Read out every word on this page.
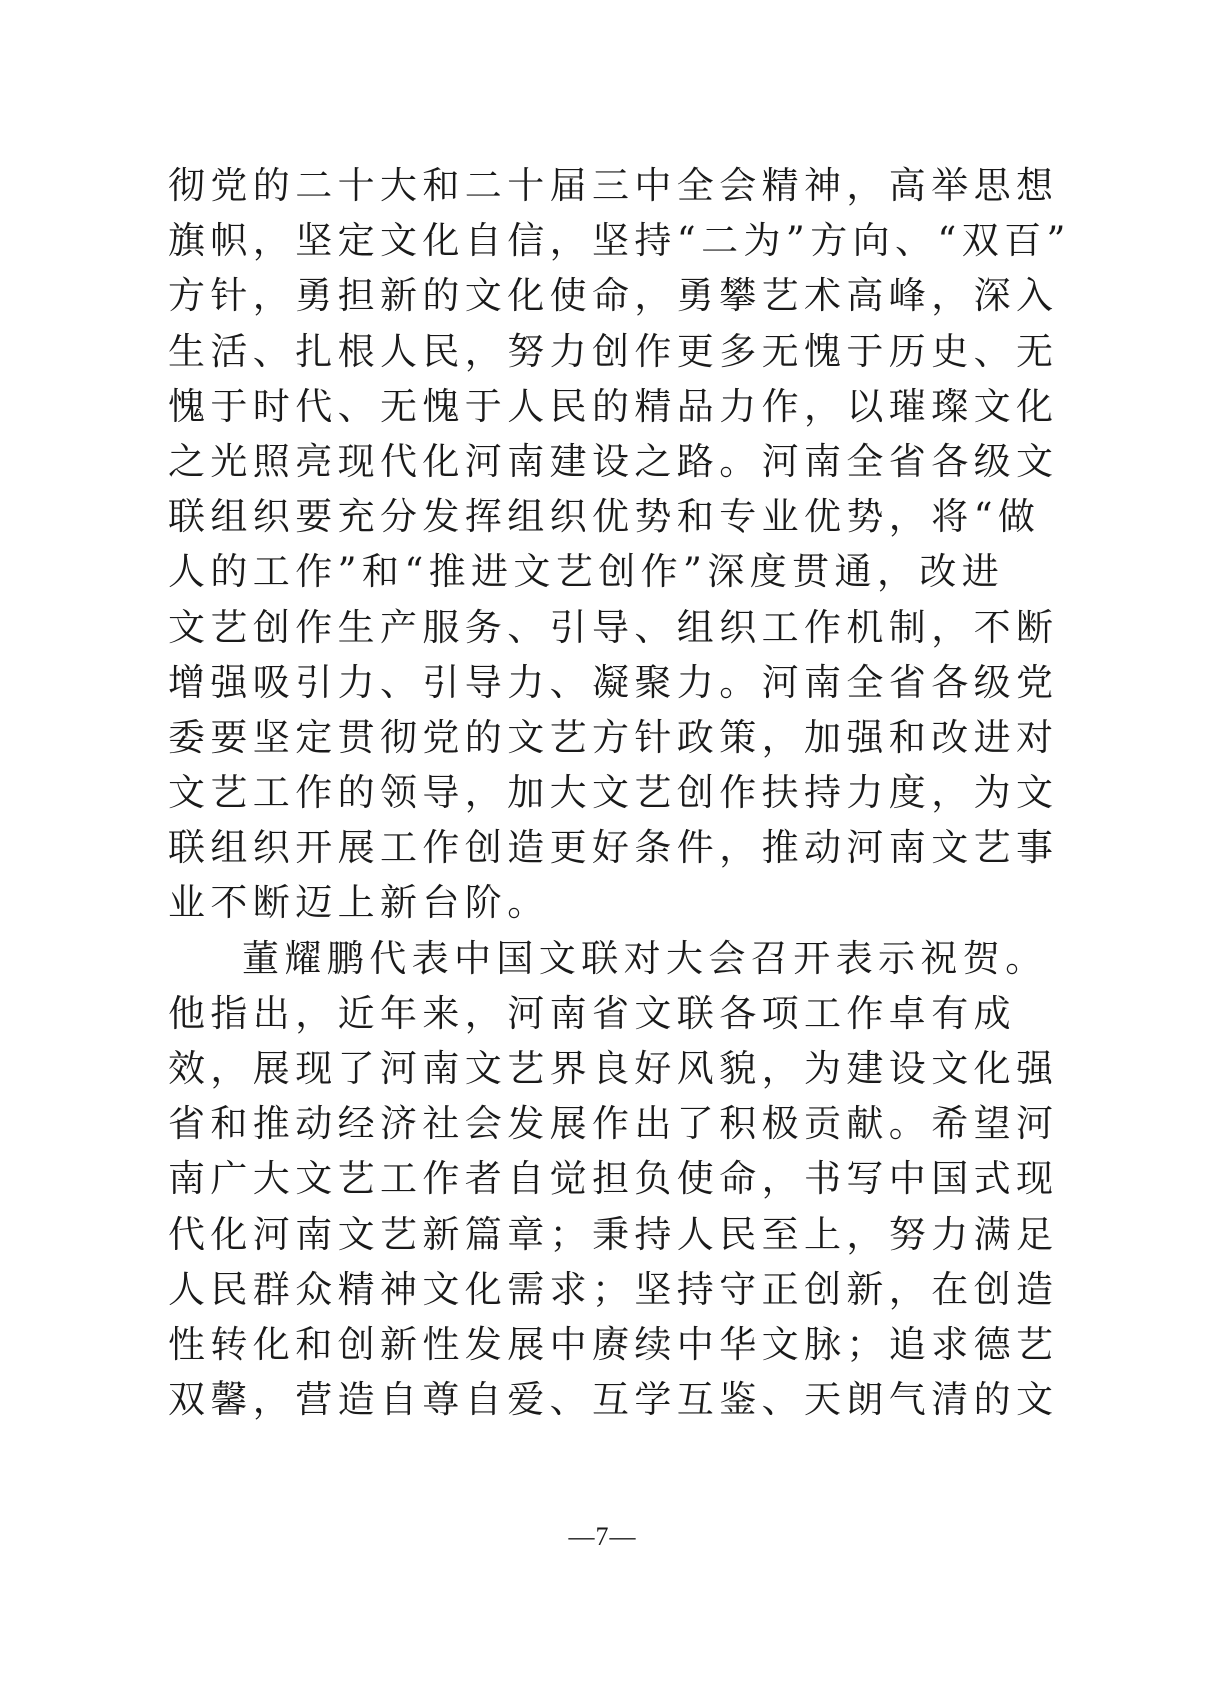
彻党的二十大和二十届三中全会精神，高举思想
旗帜，坚定文化自信，坚持“二为”方向、“双百”
方针，勇担新的文化使命，勇攀艺术高峰，深入
生活、扎根人民，努力创作更多无愧于历史、无
愧于时代、无愧于人民的精品力作，以璀璨文化
之光照亮现代化河南建设之路。河南全省各级文
联组织要充分发挥组织优势和专业优势，将“做
人的工作”和“推进文艺创作”深度贯通，改进
文艺创作生产服务、引导、组织工作机制，不断
增强吸引力、引导力、凝聚力。河南全省各级党
委要坚定贯彻党的文艺方针政策，加强和改进对
文艺工作的领导，加大文艺创作扶持力度，为文
联组织开展工作创造更好条件，推动河南文艺事
业不断迈上新台阶。
董耀鹏代表中国文联对大会召开表示祝贺。
他指出，近年来，河南省文联各项工作卓有成
效，展现了河南文艺界良好风貌，为建设文化强
省和推动经济社会发展作出了积极贡献。希望河
南广大文艺工作者自觉担负使命，书写中国式现
代化河南文艺新篇章；秉持人民至上，努力满足
人民群众精神文化需求；坚持守正创新，在创造
性转化和创新性发展中赓续中华文脉；追求德艺
双馨，营造自尊自爱、互学互鉴、天朗气清的文
—7—
